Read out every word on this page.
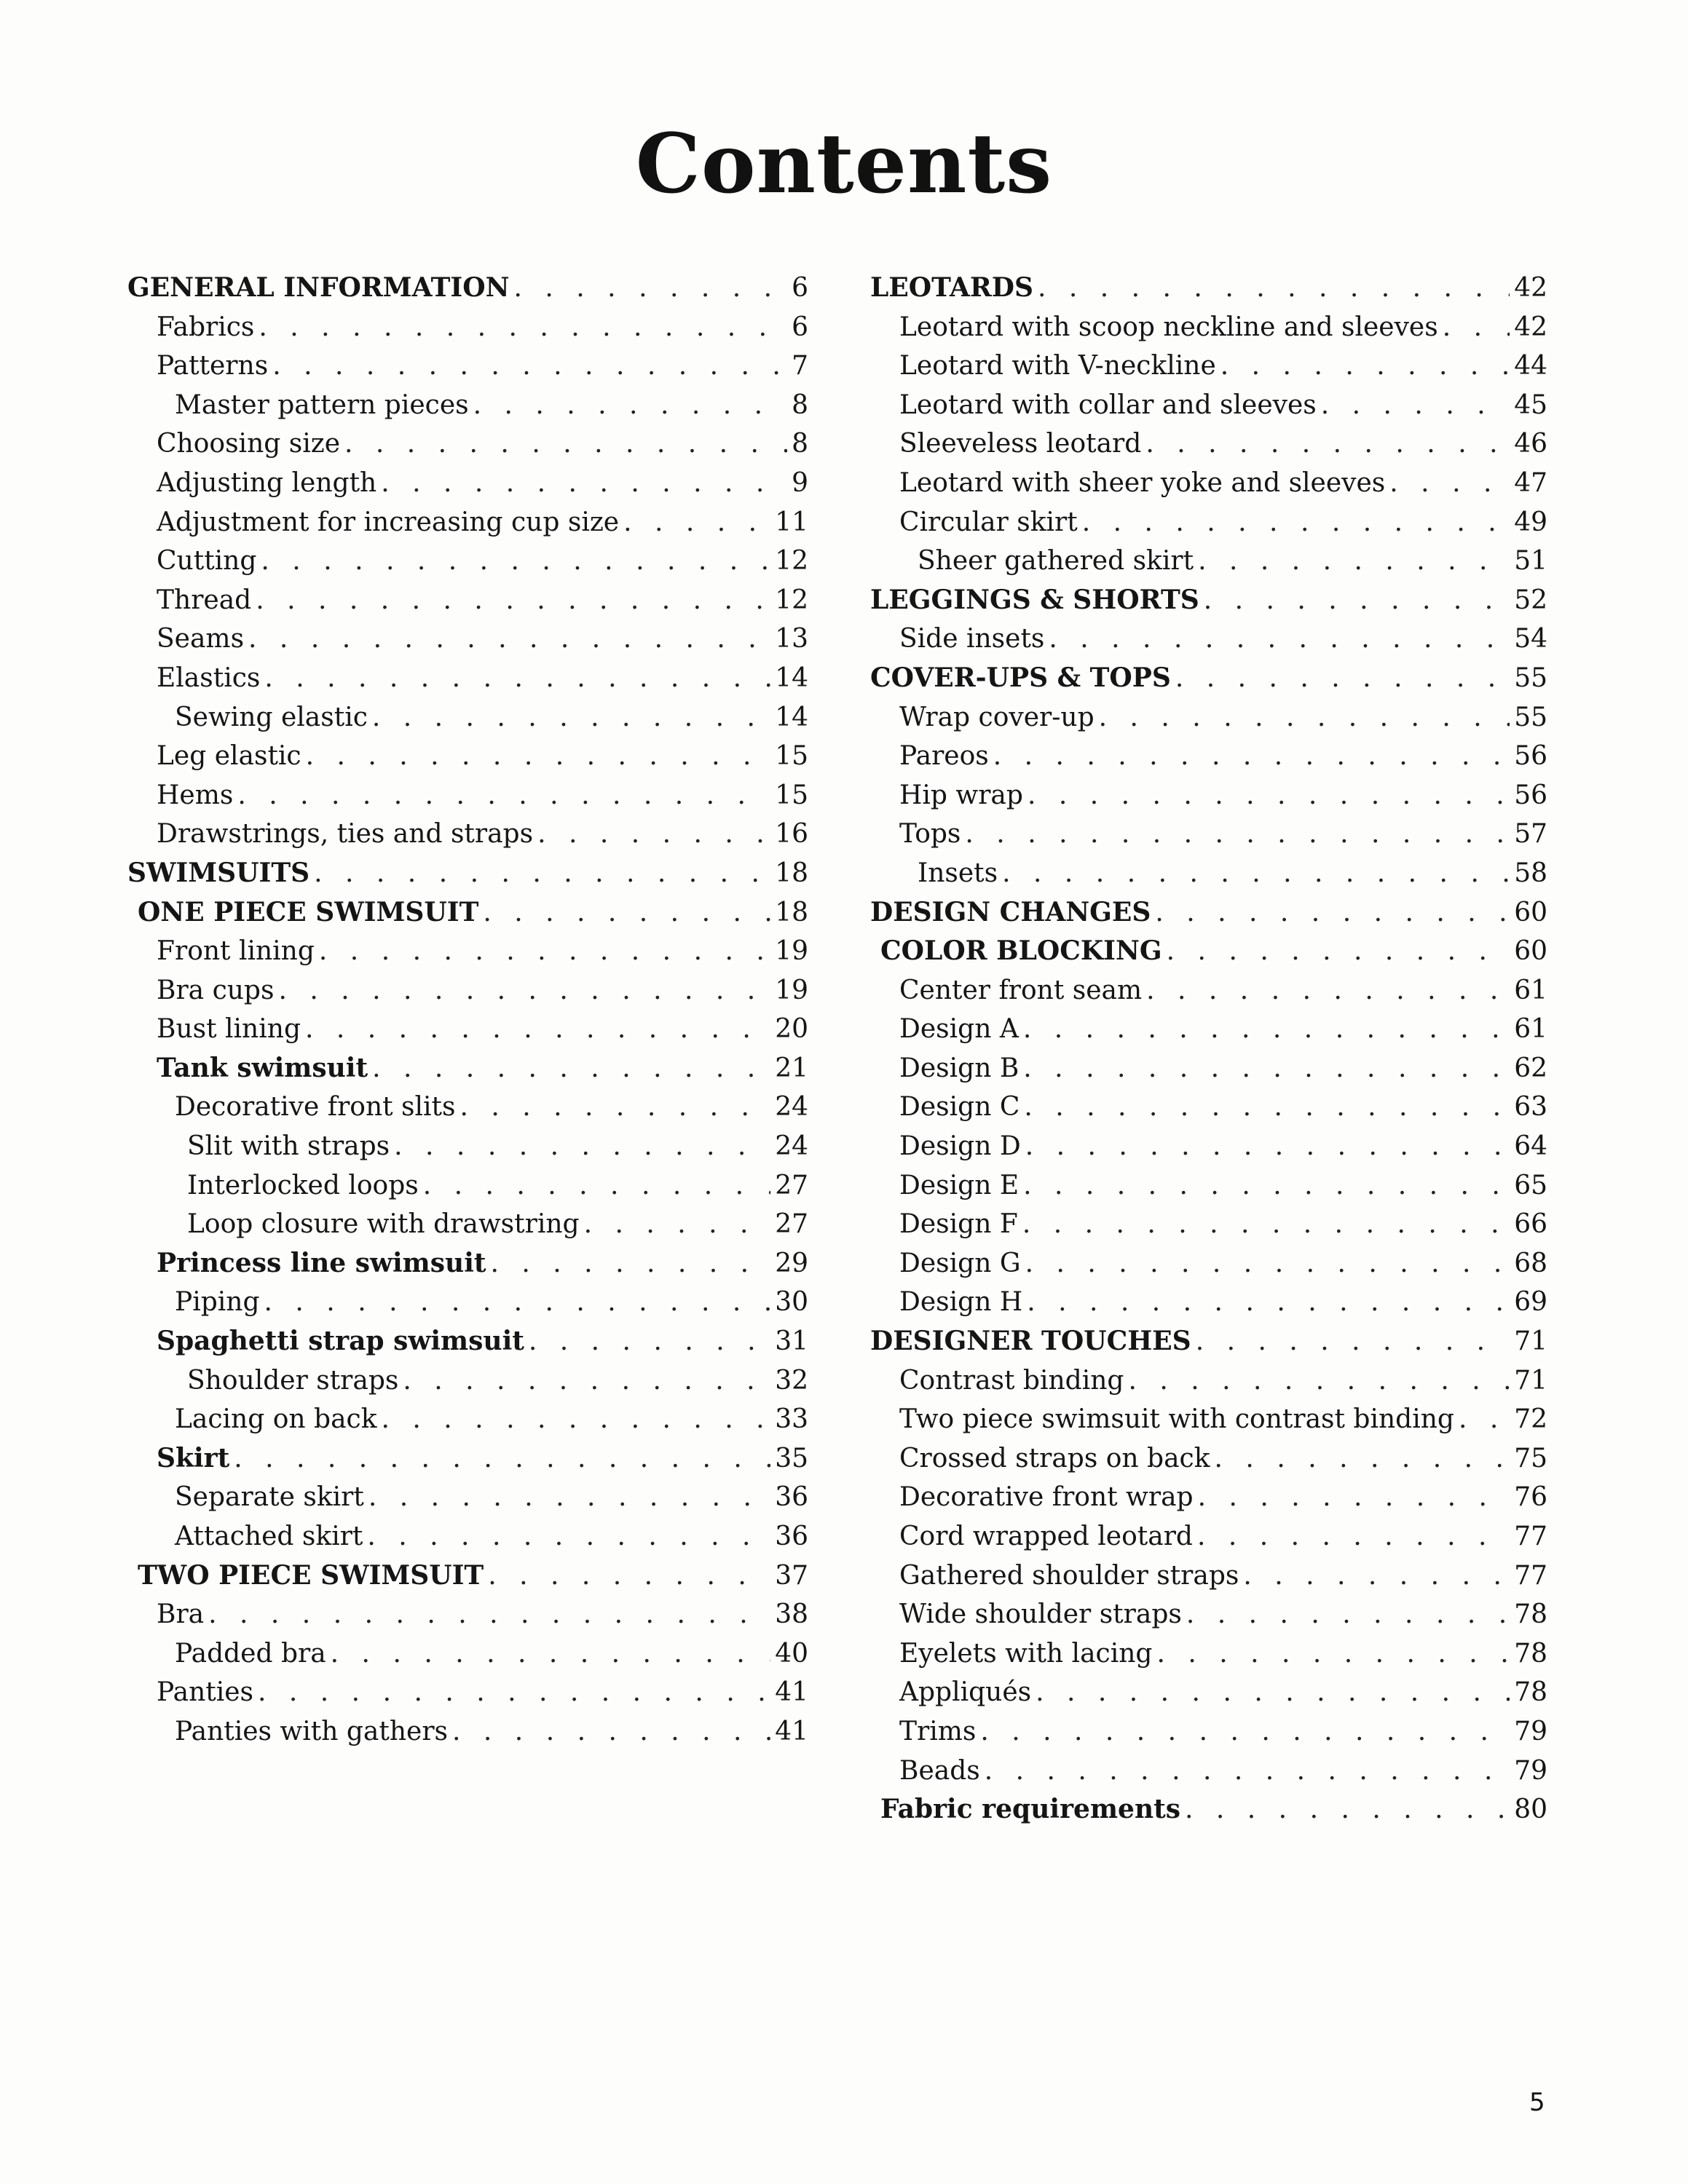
Contents
GENERAL INFORMATION . . .	6
Fabrics . . .	6
Patterns . . .	7
Master pattern pieces . . .	8
Choosing size . . .	8
Adjusting length . . .	9
Adjustment for increasing cup size . . .	11
Cutting . . .	12
Thread . . .	12
Seams . . .	13
Elastics . . .	14
Sewing elastic . . .	14
Leg elastic . . .	15
Hems . . .	15
Drawstrings, ties and straps . . .	16
SWIMSUITS . . .	18
ONE PIECE SWIMSUIT . . .	18
Front lining . . .	19
Bra cups . . .	19
Bust lining . . .	20
Tank swimsuit . . .	21
Decorative front slits . . .	24
Slit with straps . . .	24
Interlocked loops . . .	27
Loop closure with drawstring . . .	27
Princess line swimsuit . . .	29
Piping . . .	30
Spaghetti strap swimsuit . . .	31
Shoulder straps . . .	32
Lacing on back . . .	33
Skirt . . .	35
Separate skirt . . .	36
Attached skirt . . .	36
TWO PIECE SWIMSUIT . . .	37
Bra . . .	38
Padded bra . . .	40
Panties . . .	41
Panties with gathers . . .	41
LEOTARDS . . .	42
Leotard with scoop neckline and sleeves . . .	42
Leotard with V-neckline . . .	44
Leotard with collar and sleeves . . .	45
Sleeveless leotard . . .	46
Leotard with sheer yoke and sleeves . . .	47
Circular skirt . . .	49
Sheer gathered skirt . . .	51
LEGGINGS & SHORTS . . .	52
Side insets . . .	54
COVER-UPS & TOPS . . .	55
Wrap cover-up . . .	55
Pareos . . .	56
Hip wrap . . .	56
Tops . . .	57
Insets . . .	58
DESIGN CHANGES . . .	60
COLOR BLOCKING . . .	60
Center front seam . . .	61
Design A . . .	61
Design B . . .	62
Design C . . .	63
Design D . . .	64
Design E . . .	65
Design F . . .	66
Design G . . .	68
Design H . . .	69
DESIGNER TOUCHES . . .	71
Contrast binding . . .	71
Two piece swimsuit with contrast binding . . . 72
Crossed straps on back . . .	75
Decorative front wrap . . .	76
Cord wrapped leotard . . .	77
Gathered shoulder straps . . .	77
Wide shoulder straps . . .	78
Eyelets with lacing . . .	78
Appliqués . . .	78
Trims . . .	79
Beads . . .	79
Fabric requirements . . .	80
5
